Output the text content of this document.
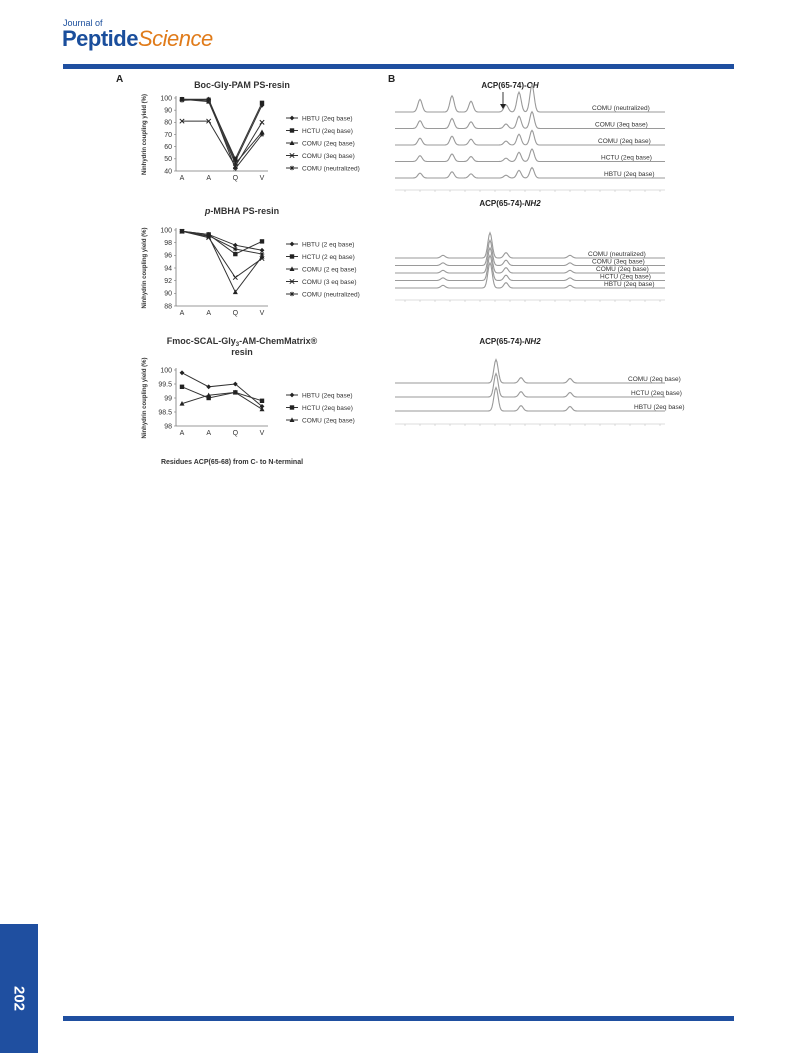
Journal of
PeptideScience
A	B
Boc-Gly-PAM PS-resin
Ninhydrin coupling yield (%) 100
90
80
70
60
50
40
A	A	Q	V
HBTU (2eq base)
HCTU (2eq base)
COMU (2eq base)
COMU (3eq base)
COMU (neutralized)
p-MBHA PS-resin
Ninhydrin coupling yield (%) 100
98
96
94
92
90
88
A	A	Q	V
HBTU (2 eq base)
HCTU (2 eq base)
COMU (2 eq base)
COMU (3 eq base)
COMU (neutralized)
Fmoc-SCAL-Gly$_3$-AM-ChemMatrix®
resin
Ninhydrin coupling yield (%) 100
99.5
99
98.5
98
A	A	Q	V
HBTU (2eq base)
HCTU (2eq base)
COMU (2eq base)
Residues ACP(65-68) from C- to N-terminal
ACP(65-74)-OH
COMU (neutralized)
COMU (3eq base)
COMU (2eq base)
HCTU (2eq base)
HBTU (2eq base)
ACP(65-74)-NH2
COMU (neutralized)
COMU (3eq base)
COMU (2eq base)
HCTU (2eq base)
HBTU (2eq base)
ACP(65-74)-NH2
COMU (2eq base)
HCTU (2eq base)
HBTU (2eq base)
202
